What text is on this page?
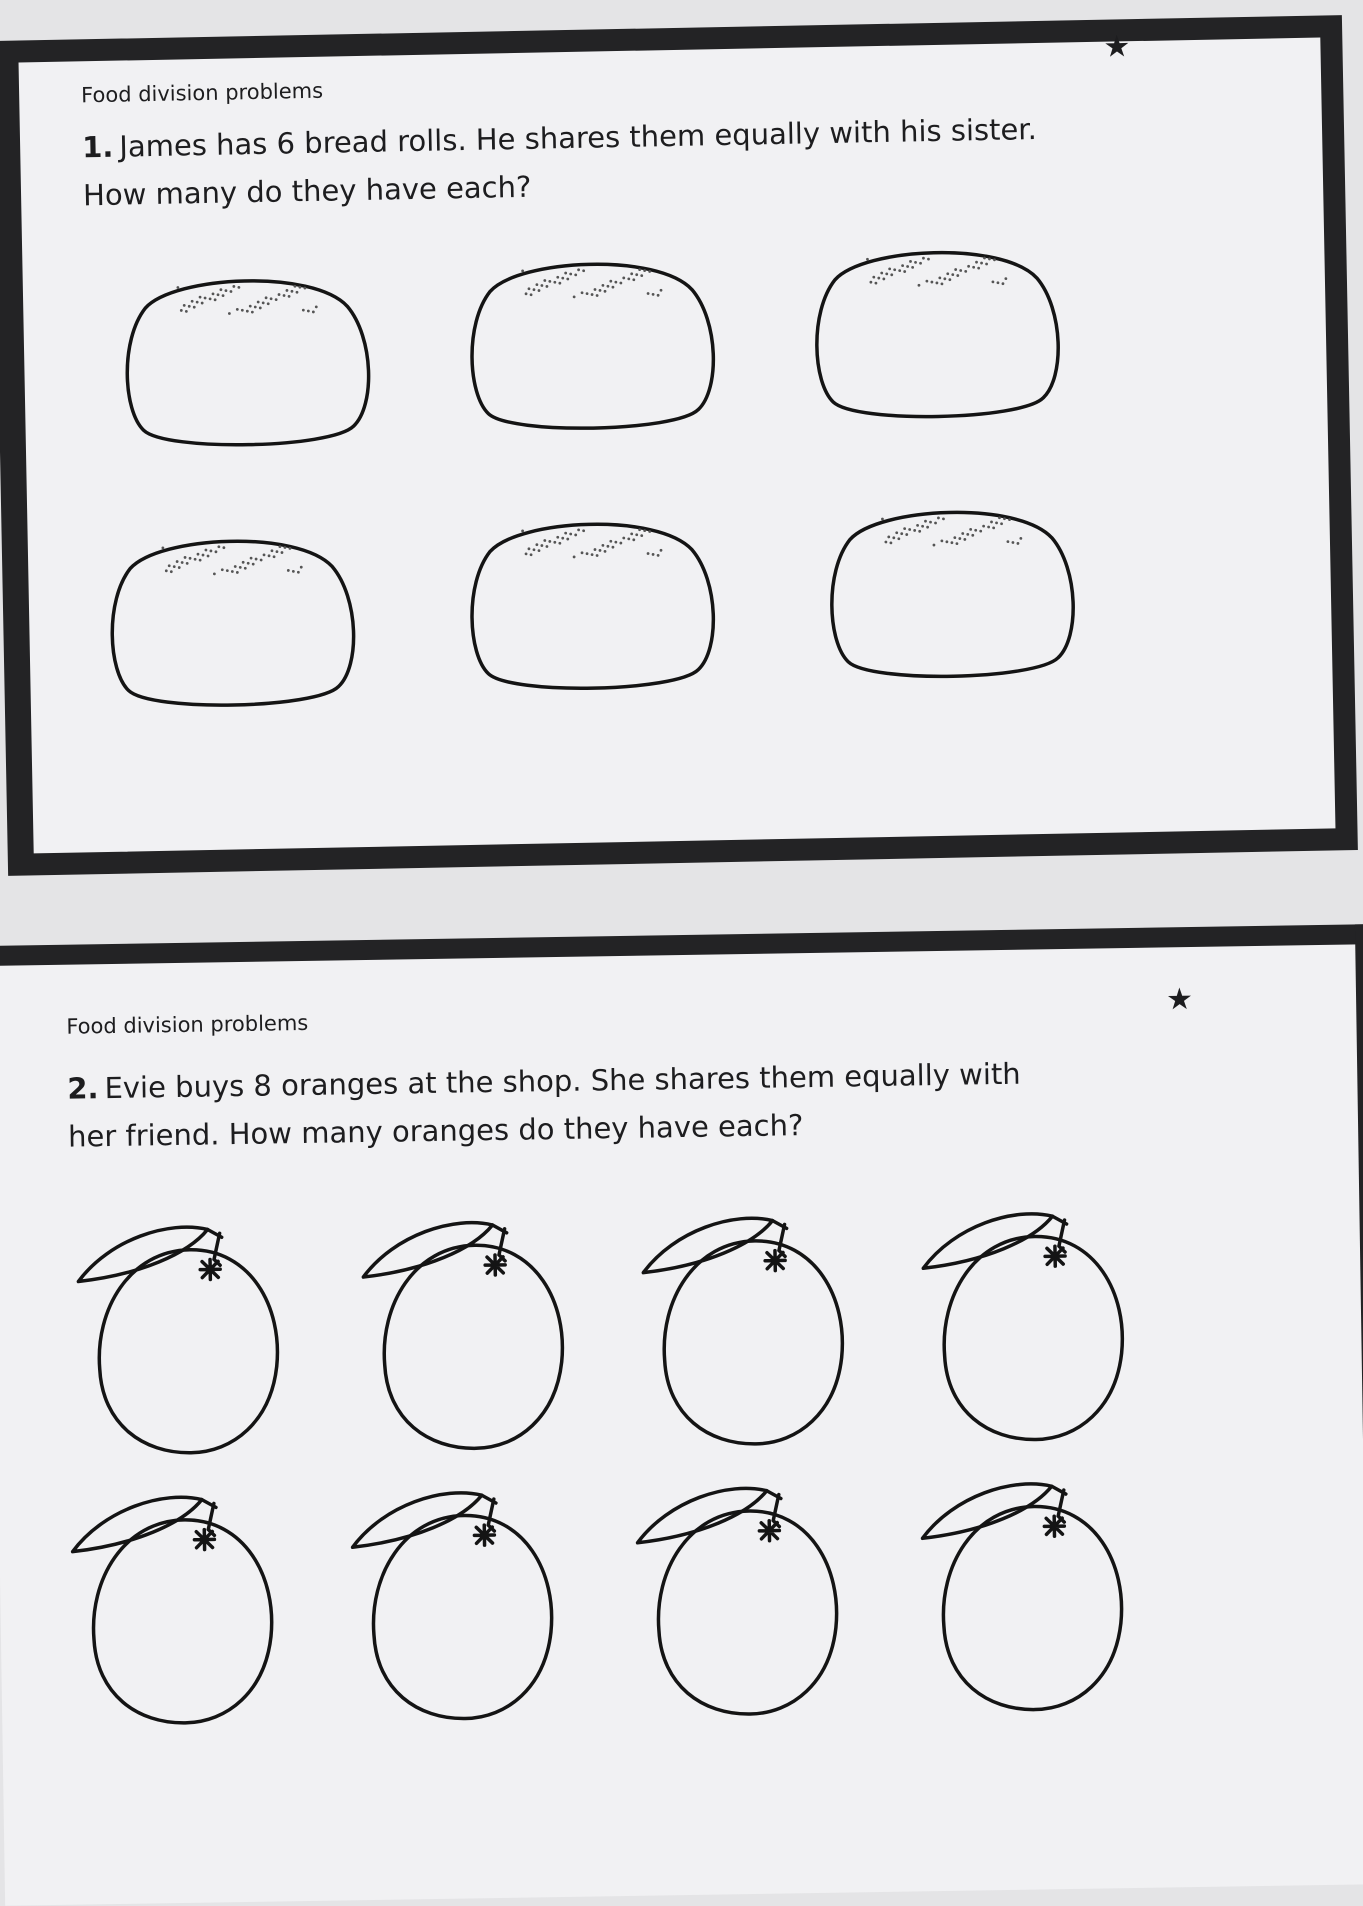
Food division problems
★
1. James has 6 bread rolls. He shares them equally with his sister. How many do they have each?
Food division problems
★
2. Evie buys 8 oranges at the shop. She shares them equally with her friend. How many oranges do they have each?
